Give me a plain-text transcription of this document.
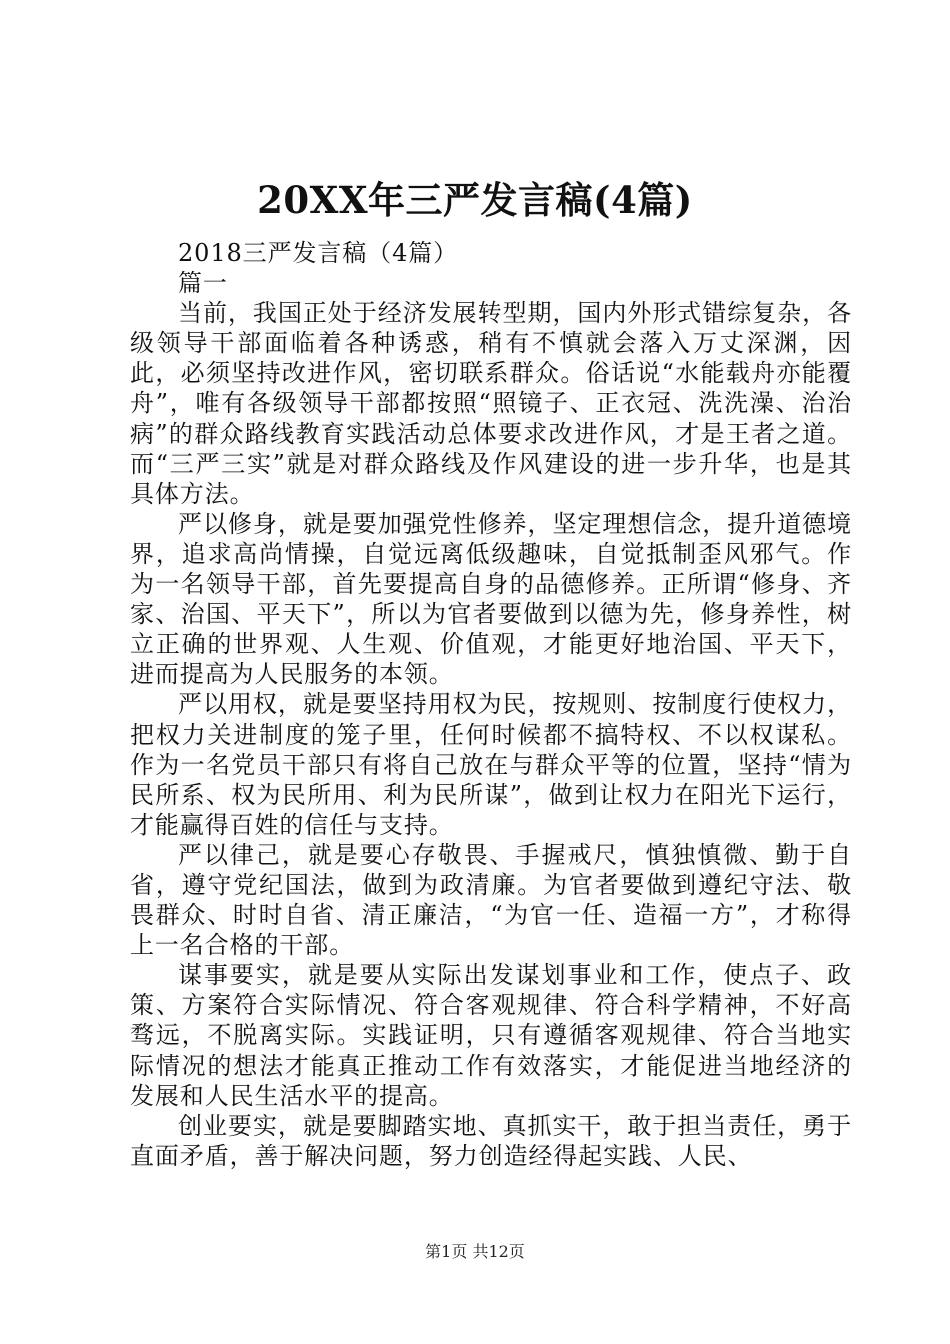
20XX年三严发言稿(4篇)

2018三严发言稿（4篇）

篇一

当前，我国正处于经济发展转型期，国内外形式错综复杂，各级领导干部面临着各种诱惑，稍有不慎就会落入万丈深渊，因此，必须坚持改进作风，密切联系群众。俗话说“水能载舟亦能覆舟”，唯有各级领导干部都按照“照镜子、正衣冠、洗洗澡、治治病”的群众路线教育实践活动总体要求改进作风，才是王者之道。而“三严三实”就是对群众路线及作风建设的进一步升华，也是其具体方法。

严以修身，就是要加强党性修养，坚定理想信念，提升道德境界，追求高尚情操，自觉远离低级趣味，自觉抵制歪风邪气。作为一名领导干部，首先要提高自身的品德修养。正所谓“修身、齐家、治国、平天下”，所以为官者要做到以德为先，修身养性，树立正确的世界观、人生观、价值观，才能更好地治国、平天下，进而提高为人民服务的本领。

严以用权，就是要坚持用权为民，按规则、按制度行使权力，把权力关进制度的笼子里，任何时候都不搞特权、不以权谋私。作为一名党员干部只有将自己放在与群众平等的位置，坚持“情为民所系、权为民所用、利为民所谋”，做到让权力在阳光下运行，才能赢得百姓的信任与支持。

严以律己，就是要心存敬畏、手握戒尺，慎独慎微、勤于自省，遵守党纪国法，做到为政清廉。为官者要做到遵纪守法、敬畏群众、时时自省、清正廉洁，“为官一任、造福一方”，才称得上一名合格的干部。

谋事要实，就是要从实际出发谋划事业和工作，使点子、政策、方案符合实际情况、符合客观规律、符合科学精神，不好高骛远，不脱离实际。实践证明，只有遵循客观规律、符合当地实际情况的想法才能真正推动工作有效落实，才能促进当地经济的发展和人民生活水平的提高。

创业要实，就是要脚踏实地、真抓实干，敢于担当责任，勇于直面矛盾，善于解决问题，努力创造经得起实践、人民、

第1页 共12页
